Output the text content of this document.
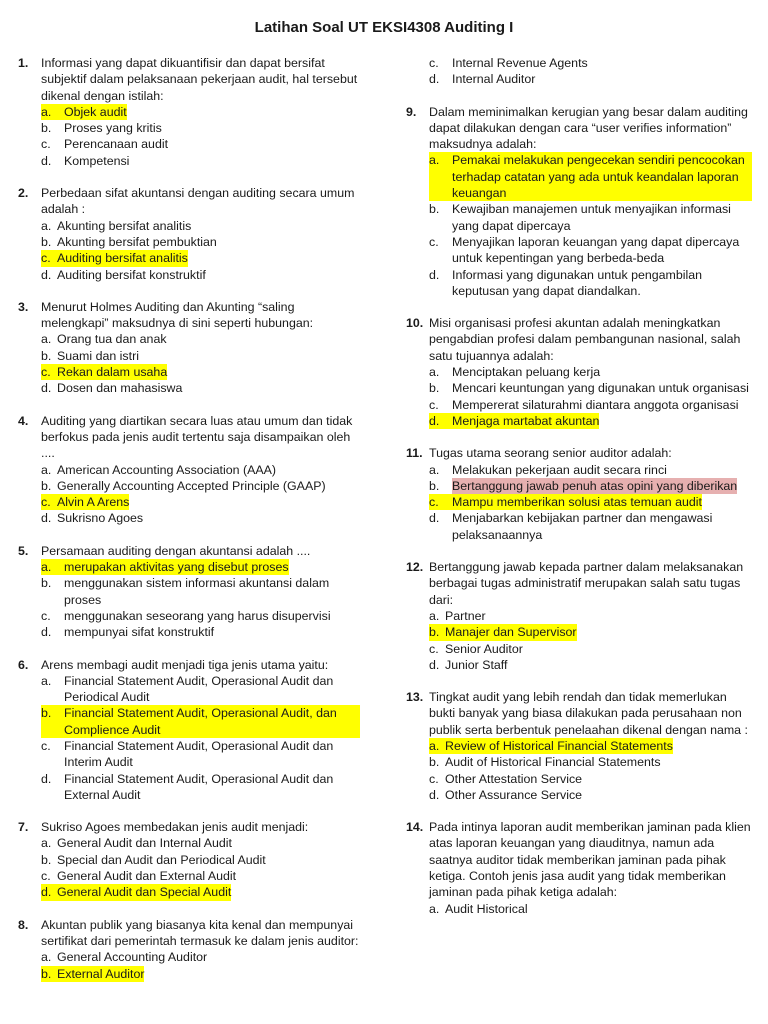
Latihan Soal UT EKSI4308 Auditing I
1.	Informasi yang dapat dikuantifisir dan dapat bersifat subjektif dalam pelaksanaan pekerjaan audit, hal tersebut dikenal dengan istilah:
a.	Objek audit
b.	Proses yang kritis
c.	Perencanaan audit
d.	Kompetensi
2.	Perbedaan sifat akuntansi dengan auditing secara umum adalah :
a. Akunting bersifat analitis
b. Akunting bersifat pembuktian
c. Auditing bersifat analitis
d. Auditing bersifat konstruktif
3.	Menurut Holmes Auditing dan Akunting “saling melengkapi” maksudnya di sini seperti hubungan:
a. Orang tua dan anak
b. Suami dan istri
c. Rekan dalam usaha
d. Dosen dan mahasiswa
4.	Auditing yang diartikan secara luas atau umum dan tidak berfokus pada jenis audit tertentu saja disampaikan oleh ....
a. American Accounting Association (AAA)
b. Generally Accounting Accepted Principle (GAAP)
c. Alvin A Arens
d. Sukrisno Agoes
5.	Persamaan auditing dengan akuntansi adalah ....
a.	merupakan aktivitas yang disebut proses
b.	menggunakan sistem informasi akuntansi dalam proses
c.	menggunakan seseorang yang harus disupervisi
d.	mempunyai sifat konstruktif
6.	Arens membagi audit menjadi tiga jenis utama yaitu:
a.	Financial Statement Audit, Operasional Audit dan Periodical Audit
b.	Financial Statement Audit, Operasional Audit, dan Complience Audit
c.	Financial Statement Audit, Operasional Audit dan Interim Audit
d.	Financial Statement Audit, Operasional Audit dan External Audit
7.	Sukriso Agoes membedakan jenis audit menjadi:
a. General Audit dan Internal Audit
b. Special dan Audit dan Periodical Audit
c. General Audit dan External Audit
d. General Audit dan Special Audit
8.	Akuntan publik yang biasanya kita kenal dan mempunyai sertifikat dari pemerintah termasuk ke dalam jenis auditor:
a. General Accounting Auditor
b. External Auditor
c.	Internal Revenue Agents
d.	Internal Auditor
9.	Dalam meminimalkan kerugian yang besar dalam auditing dapat dilakukan dengan cara “user verifies information” maksudnya adalah:
a.	Pemakai melakukan pengecekan sendiri pencocokan terhadap catatan yang ada untuk keandalan laporan keuangan
b.	Kewajiban manajemen untuk menyajikan informasi yang dapat dipercaya
c.	Menyajikan laporan keuangan yang dapat dipercaya untuk kepentingan yang berbeda-beda
d.	Informasi yang digunakan untuk pengambilan keputusan yang dapat diandalkan.
10. Misi organisasi profesi akuntan adalah meningkatkan pengabdian profesi dalam pembangunan nasional, salah satu tujuannya adalah:
a.	Menciptakan peluang kerja
b.	Mencari keuntungan yang digunakan untuk organisasi
c.	Mempererat silaturahmi diantara anggota organisasi
d.	Menjaga martabat akuntan
11. Tugas utama seorang senior auditor adalah:
a.	Melakukan pekerjaan audit secara rinci
b.	Bertanggung jawab penuh atas opini yang diberikan
c.	Mampu memberikan solusi atas temuan audit
d.	Menjabarkan kebijakan partner dan mengawasi pelaksanaannya
12. Bertanggung jawab kepada partner dalam melaksanakan berbagai tugas administratif merupakan salah satu tugas dari:
a. Partner
b. Manajer dan Supervisor
c. Senior Auditor
d. Junior Staff
13. Tingkat audit yang lebih rendah dan tidak memerlukan bukti banyak yang biasa dilakukan pada perusahaan non publik serta berbentuk penelaahan dikenal dengan nama :
a. Review of Historical Financial Statements
b. Audit of Historical Financial Statements
c. Other Attestation Service
d. Other Assurance Service
14. Pada intinya laporan audit memberikan jaminan pada klien atas laporan keuangan yang diauditnya, namun ada saatnya auditor tidak memberikan jaminan pada pihak ketiga. Contoh jenis jasa audit yang tidak memberikan jaminan pada pihak ketiga adalah:
a. Audit Historical
